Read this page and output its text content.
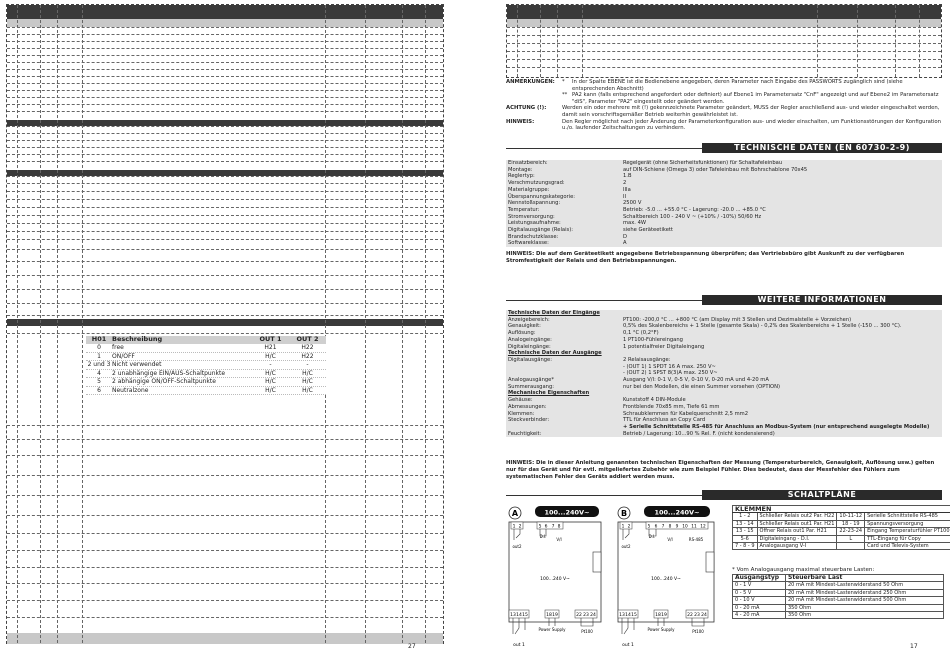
H01 Beschreibung	OUT 1	OUT 2
0	free	H21	H22
1	ON/OFF	H/C	H22
2 und 3 Nicht verwendet	-	-
4	2 unabhängige EIN/AUS-Schaltpunkte	H/C	H/C
5	2 abhängige ON/OFF-Schaltpunkte	H/C	H/C
6	Neutralzone	H/C	H/C
27
ANMERKUNGEN:	*	In der Spalte EBENE ist die Bedienebene angegeben, deren Parameter nach Eingabe des PASSWORTS zugänglich sind (siehe entsprechenden Abschnitt)
** PA2 kann (falls entsprechend angefordert oder definiert) auf Ebene1 im Parametersatz "CnF" angezeigt und auf Ebene2 im Parametersatz "diS", Parameter "PA2" eingestellt oder geändert werden.
ACHTUNG (!):	Werden ein oder mehrere mit (!) gekennzeichnete Parameter geändert, MUSS der Regler anschließend aus- und wieder eingeschaltet werden, damit sein vorschriftsgemäßer Betrieb weiterhin gewährleistet ist.
HINWEIS:	Den Regler möglichst nach jeder Änderung der Parameterkonfiguration aus- und wieder einschalten, um Funktionsstörungen der Konfiguration u./o. laufender Zeitschaltungen zu verhindern.
TECHNISCHE DATEN (EN 60730-2-9)
Einsatzbereich:	Regelgerät (ohne Sicherheitsfunktionen) für Schaltafeleinbau
Montage:	auf DIN-Schiene (Omega 3) oder Tafeleinbau mit Bohrschablone 70x45
Reglertyp:	1.B
Verschmutzungsgrad:	2
Materialgruppe:	IIIa
Überspannungskategorie:	II
Nennstoßspannung:	2500 V
Temperatur:	Betrieb: -5.0 ... +55.0 °C - Lagerung: -20.0 ... +85.0 °C
Stromversorgung:	Schaltbereich 100 - 240 V ~ (+10% / -10%) 50/60 Hz
Leistungsaufnahme:	max. 4W
Digitalausgänge (Relais):	siehe Geräteetikett
Brandschutzklasse:	D
Softwareklasse:	A
HINWEIS: Die auf dem Geräteetikett angegebene Betriebsspannung überprüfen; das Vertriebsbüro gibt Auskunft zu der verfügbaren Stromfestigkeit der Relais und den Betriebsspannungen.
WEITERE INFORMATIONEN
Technische Daten der Eingänge
Anzeigebereich:	PT100: -200,0 °C ... +800 °C (am Display mit 3 Stellen und Dezimalstelle + Vorzeichen)
Genauigkeit:	0,5% des Skalenbereichs + 1 Stelle (gesamte Skala) - 0,2% des Skalenbereichs + 1 Stelle (-150 ... 300 °C).
Auflösung:	0,1 °C (0,2°F)
Analogeingänge:	1 PT100-Fühlereingang
Digitaleingänge:	1 potentialfreier Digitaleingang
Technische Daten der Ausgänge
Digitalausgänge:	2 Relaisausgänge:
- (OUT 1) 1 SPDT 16 A max. 250 V~
- (OUT 2) 1 SPST 8(3)A max. 250 V~
Analogausgänge*	Ausgang V/I: 0-1 V, 0-5 V, 0-10 V, 0-20 mA und 4-20 mA
Summerausgang:	nur bei den Modellen, die einen Summer vorsehen (OPTION)
Mechanische Eigenschaften
Gehäuse:	Kunststoff 4 DIN-Module
Abmessungen:	Frontblende 70x85 mm, Tiefe 61 mm
Klemmen:	Schraubklemmen für Kabelquerschnitt 2,5 mm2
Steckverbinder:	TTL für Anschluss an Copy Card
+ Serielle Schnittstelle RS-485 für Anschluss an Modbus-System (nur entsprechend ausgelegte Modelle)
Feuchtigkeit:	Betrieb / Lagerung: 10...90 % Rel. F. (nicht kondensierend)
HINWEIS: Die in dieser Anleitung genannten technischen Eigenschaften der Messung (Temperaturbereich, Genauigkeit, Auflösung usw.) gelten nur für das Gerät und für evtl. mitgeliefertes Zubehör wie zum Beispiel Fühler. Dies bedeutet, dass der Messfehler des Fühlers zum systematischen Fehler des Geräts addiert werden muss.
SCHALTPLÄNE
A	100...240V~
1 2	5 6 7 8
out2
D.I.
V/I
100...240 V~
13 14 15	18 19	22 23 24
Power Supply	Pt100
out 1
B	100...240V~
1 2	5 6 7 8 9 10 11 12
out2
D.I.
V/I	RS-485
100...240 V~
13 14 15	18 19	22 23 24
Power Supply	Pt100
out 1
KLEMMEN			
1 - 2	Schließer Relais out2 Par. H22	10-11-12	Serielle Schnittstelle RS-485
13 - 14	Schließer Relais out1 Par. H21	18 - 19	Spannungsversorgung
13 - 15	Öffner Relais out1 Par. H21	22-23-24	Eingang Temperaturfühler PT100
5-6	Digitaleingang - D.I.	L	TTL-Eingang für Copy
7 - 8 - 9	Analogausgang V-I		Card und Televis-System
* Vom Analogausgang maximal steuerbare Lasten:
Ausgangstyp	Steuerbare Last
0 - 1 V	20 mA mit Mindest-Lastenwiderstand 50 Ohm
0 - 5 V	20 mA mit Mindest-Lastenwiderstand 250 Ohm
0 - 10 V	20 mA mit Mindest-Lastenwiderstand 500 Ohm
0 - 20 mA	350 Ohm
4 - 20 mA	350 Ohm
17
